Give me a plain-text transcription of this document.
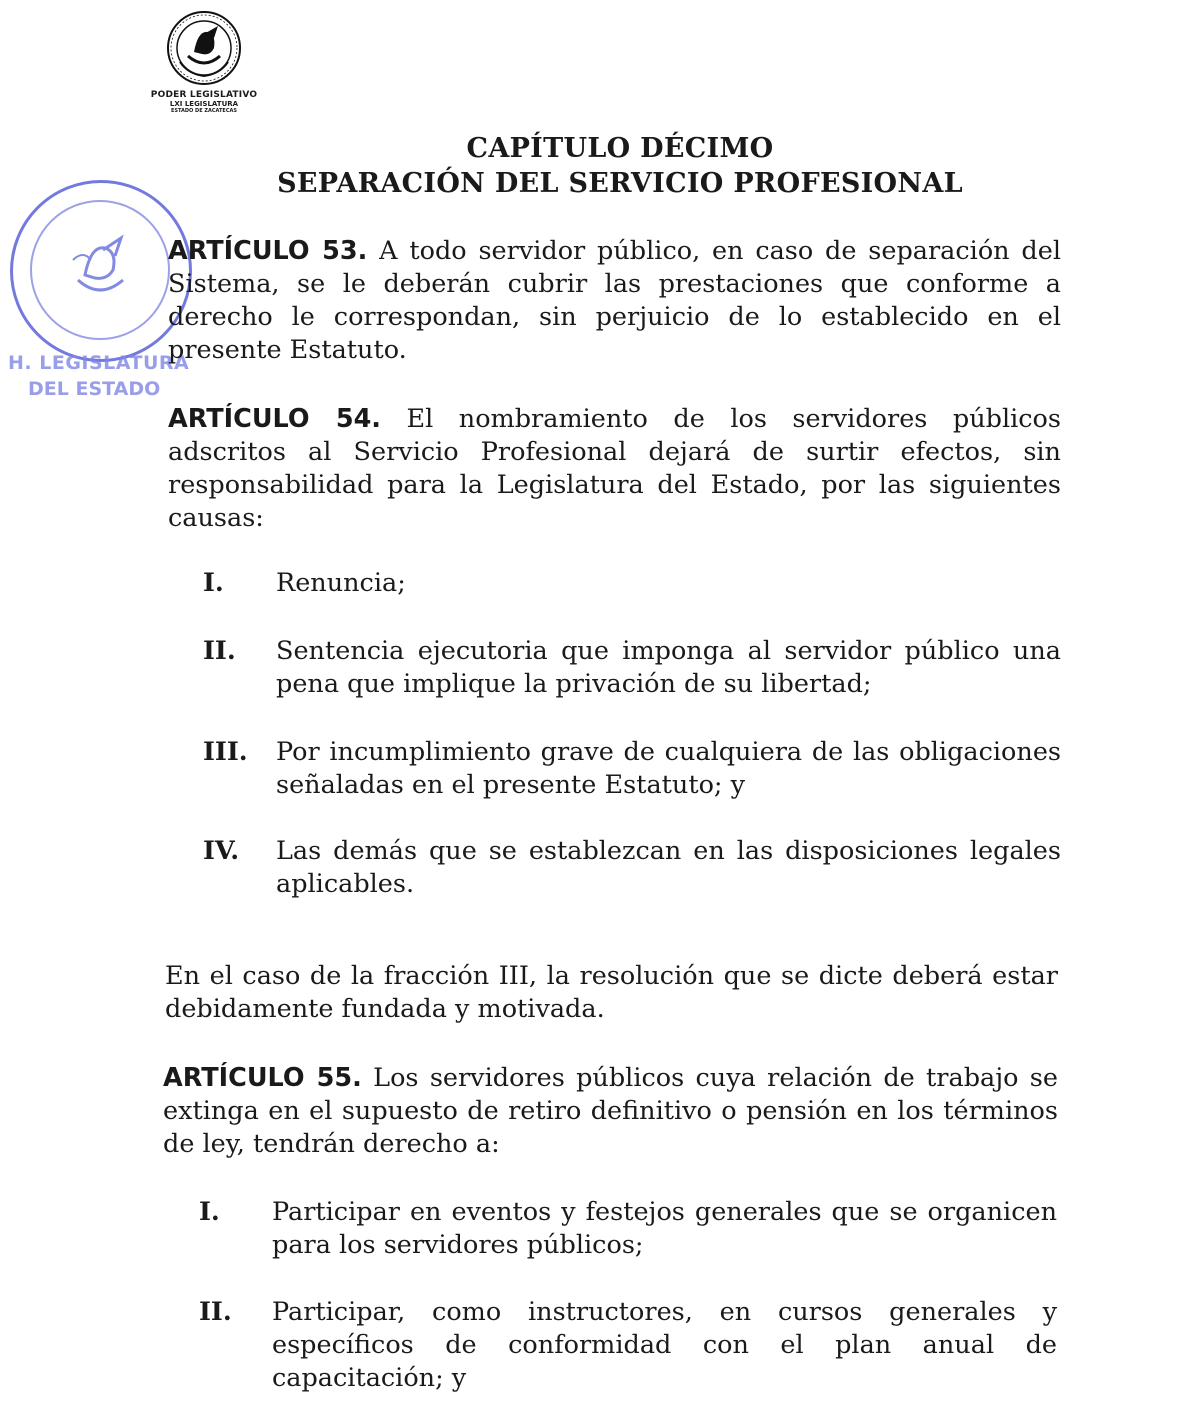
PODER LEGISLATIVO
LXI LEGISLATURA
ESTADO DE ZACATECAS
H. LEGISLATURA
DEL ESTADO
CAPÍTULO DÉCIMO
SEPARACIÓN DEL SERVICIO PROFESIONAL
ARTÍCULO 53. A todo servidor público, en caso de separación del Sistema, se le deberán cubrir las prestaciones que conforme a derecho le correspondan, sin perjuicio de lo establecido en el presente Estatuto.
ARTÍCULO 54. El nombramiento de los servidores públicos adscritos al Servicio Profesional dejará de surtir efectos, sin responsabilidad para la Legislatura del Estado, por las siguientes causas:
I. Renuncia;
II. Sentencia ejecutoria que imponga al servidor público una pena que implique la privación de su libertad;
III. Por incumplimiento grave de cualquiera de las obligaciones señaladas en el presente Estatuto; y
IV. Las demás que se establezcan en las disposiciones legales aplicables.
En el caso de la fracción III, la resolución que se dicte deberá estar debidamente fundada y motivada.
ARTÍCULO 55. Los servidores públicos cuya relación de trabajo se extinga en el supuesto de retiro definitivo o pensión en los términos de ley, tendrán derecho a:
I. Participar en eventos y festejos generales que se organicen para los servidores públicos;
II. Participar, como instructores, en cursos generales y específicos de conformidad con el plan anual de capacitación; y
